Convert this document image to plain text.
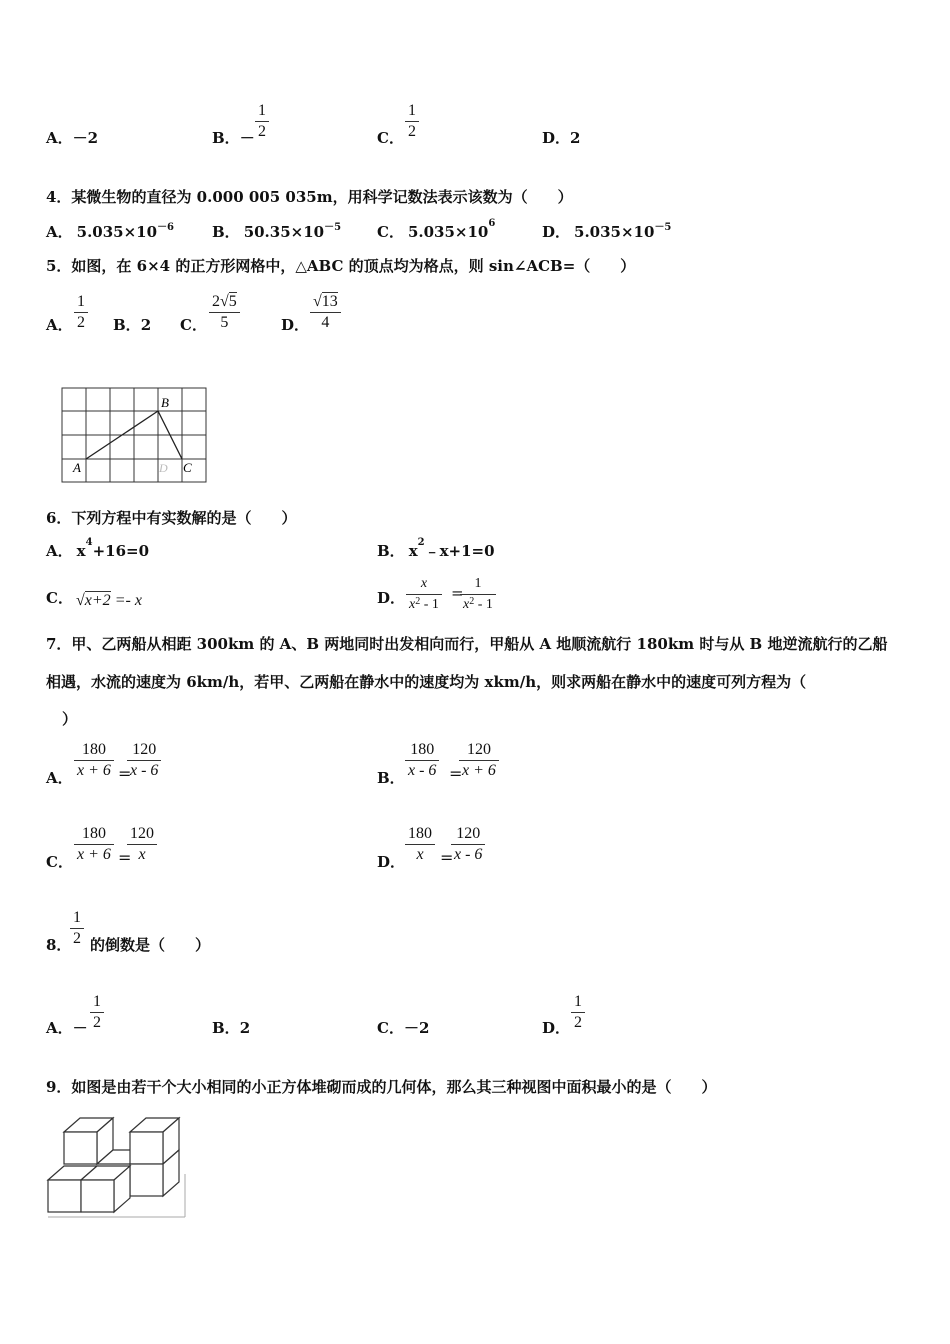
A．－2	B．－ $\frac{1}{2}$	C． $\frac{1}{2}$	D．2
4．某微生物的直径为 0.000 005 035m，用科学记数法表示该数为（　　）
A． $5.035\times 10^{-6}$	B． $50.35\times 10^{-5}$ C． $5.035\times 10^6$	D． $5.035\times 10^{-5}$
5．如图，在 6×4 的正方形网格中，△ABC 的顶点均为格点，则 sin∠ACB=（　　）
A． $\frac{1}{2}$ B．2 C． $\frac{2√5}{5}$	D． $\frac{√13}{4}$
A
B
C
D
6．下列方程中有实数解的是（　　）
A． $x^4+16=0$	B． $x^2﹣x+1=0$
C． √x+2 =- x	D． $\frac{x}{x^2 - 1}$ =
$\frac{1}{x^2 - 1}$
7．甲、乙两船从相距 300km 的 A、B 两地同时出发相向而行，甲船从 A 地顺流航行 180km 时与从 B 地逆流航行的乙船
相遇，水流的速度为 6km/h，若甲、乙两船在静水中的速度均为 xkm/h，则求两船在静水中的速度可列方程为（
）
A． $\frac{180}{x + 6}$ =
$\frac{120}{x - 6}$	B． $\frac{180}{x - 6}$ =
$\frac{120}{x + 6}$
C． $\frac{180}{x + 6}$ =
$\frac{120}{x}$	D． $\frac{180}{x}$ =
$\frac{120}{x - 6}$
8．
$\frac{1}{2}$ 的倒数是（　　）
A．－ $\frac{1}{2}$	B．2	C．－2	D． $\frac{1}{2}$
9．如图是由若干个大小相同的小正方体堆砌而成的几何体，那么其三种视图中面积最小的是（　　）
